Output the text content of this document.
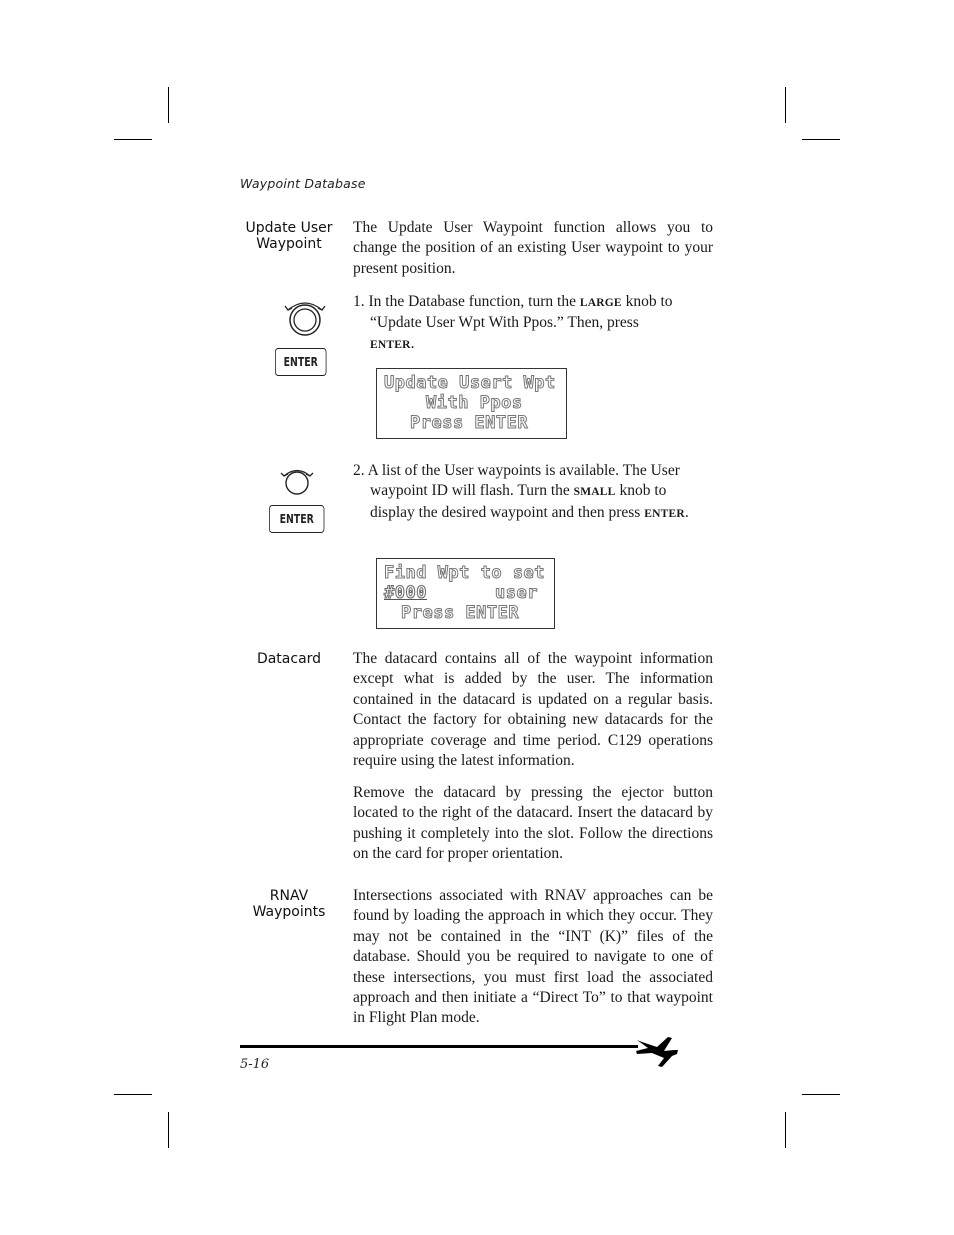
Waypoint Database
Update User
Waypoint
The Update User Waypoint function allows you to change the position of an existing User waypoint to your present position.
ENTER
1. In the Database function, turn the LARGE knob to
“Update User Wpt With Ppos.” Then, press
ENTER.
Update Usert Wpt
With Ppos
Press ENTER
ENTER
2. A list of the User waypoints is available. The User
waypoint ID will flash. Turn the SMALL knob to
display the desired waypoint and then press ENTER.
Find Wpt to set
#000	user
Press ENTER
Datacard	The datacard contains all of the waypoint information except what is added by the user. The information contained in the datacard is updated on a regular basis. Contact the factory for obtaining new datacards for the appropriate coverage and time period. C129 operations require using the latest information.
Remove the datacard by pressing the ejector button located to the right of the datacard. Insert the datacard by pushing it completely into the slot. Follow the directions on the card for proper orientation.
RNAV
Waypoints
Intersections associated with RNAV approaches can be found by loading the approach in which they occur. They may not be contained in the “INT (K)” files of the database. Should you be required to navigate to one of these intersections, you must first load the associated approach and then initiate a “Direct To” to that waypoint in Flight Plan mode.
5-16
